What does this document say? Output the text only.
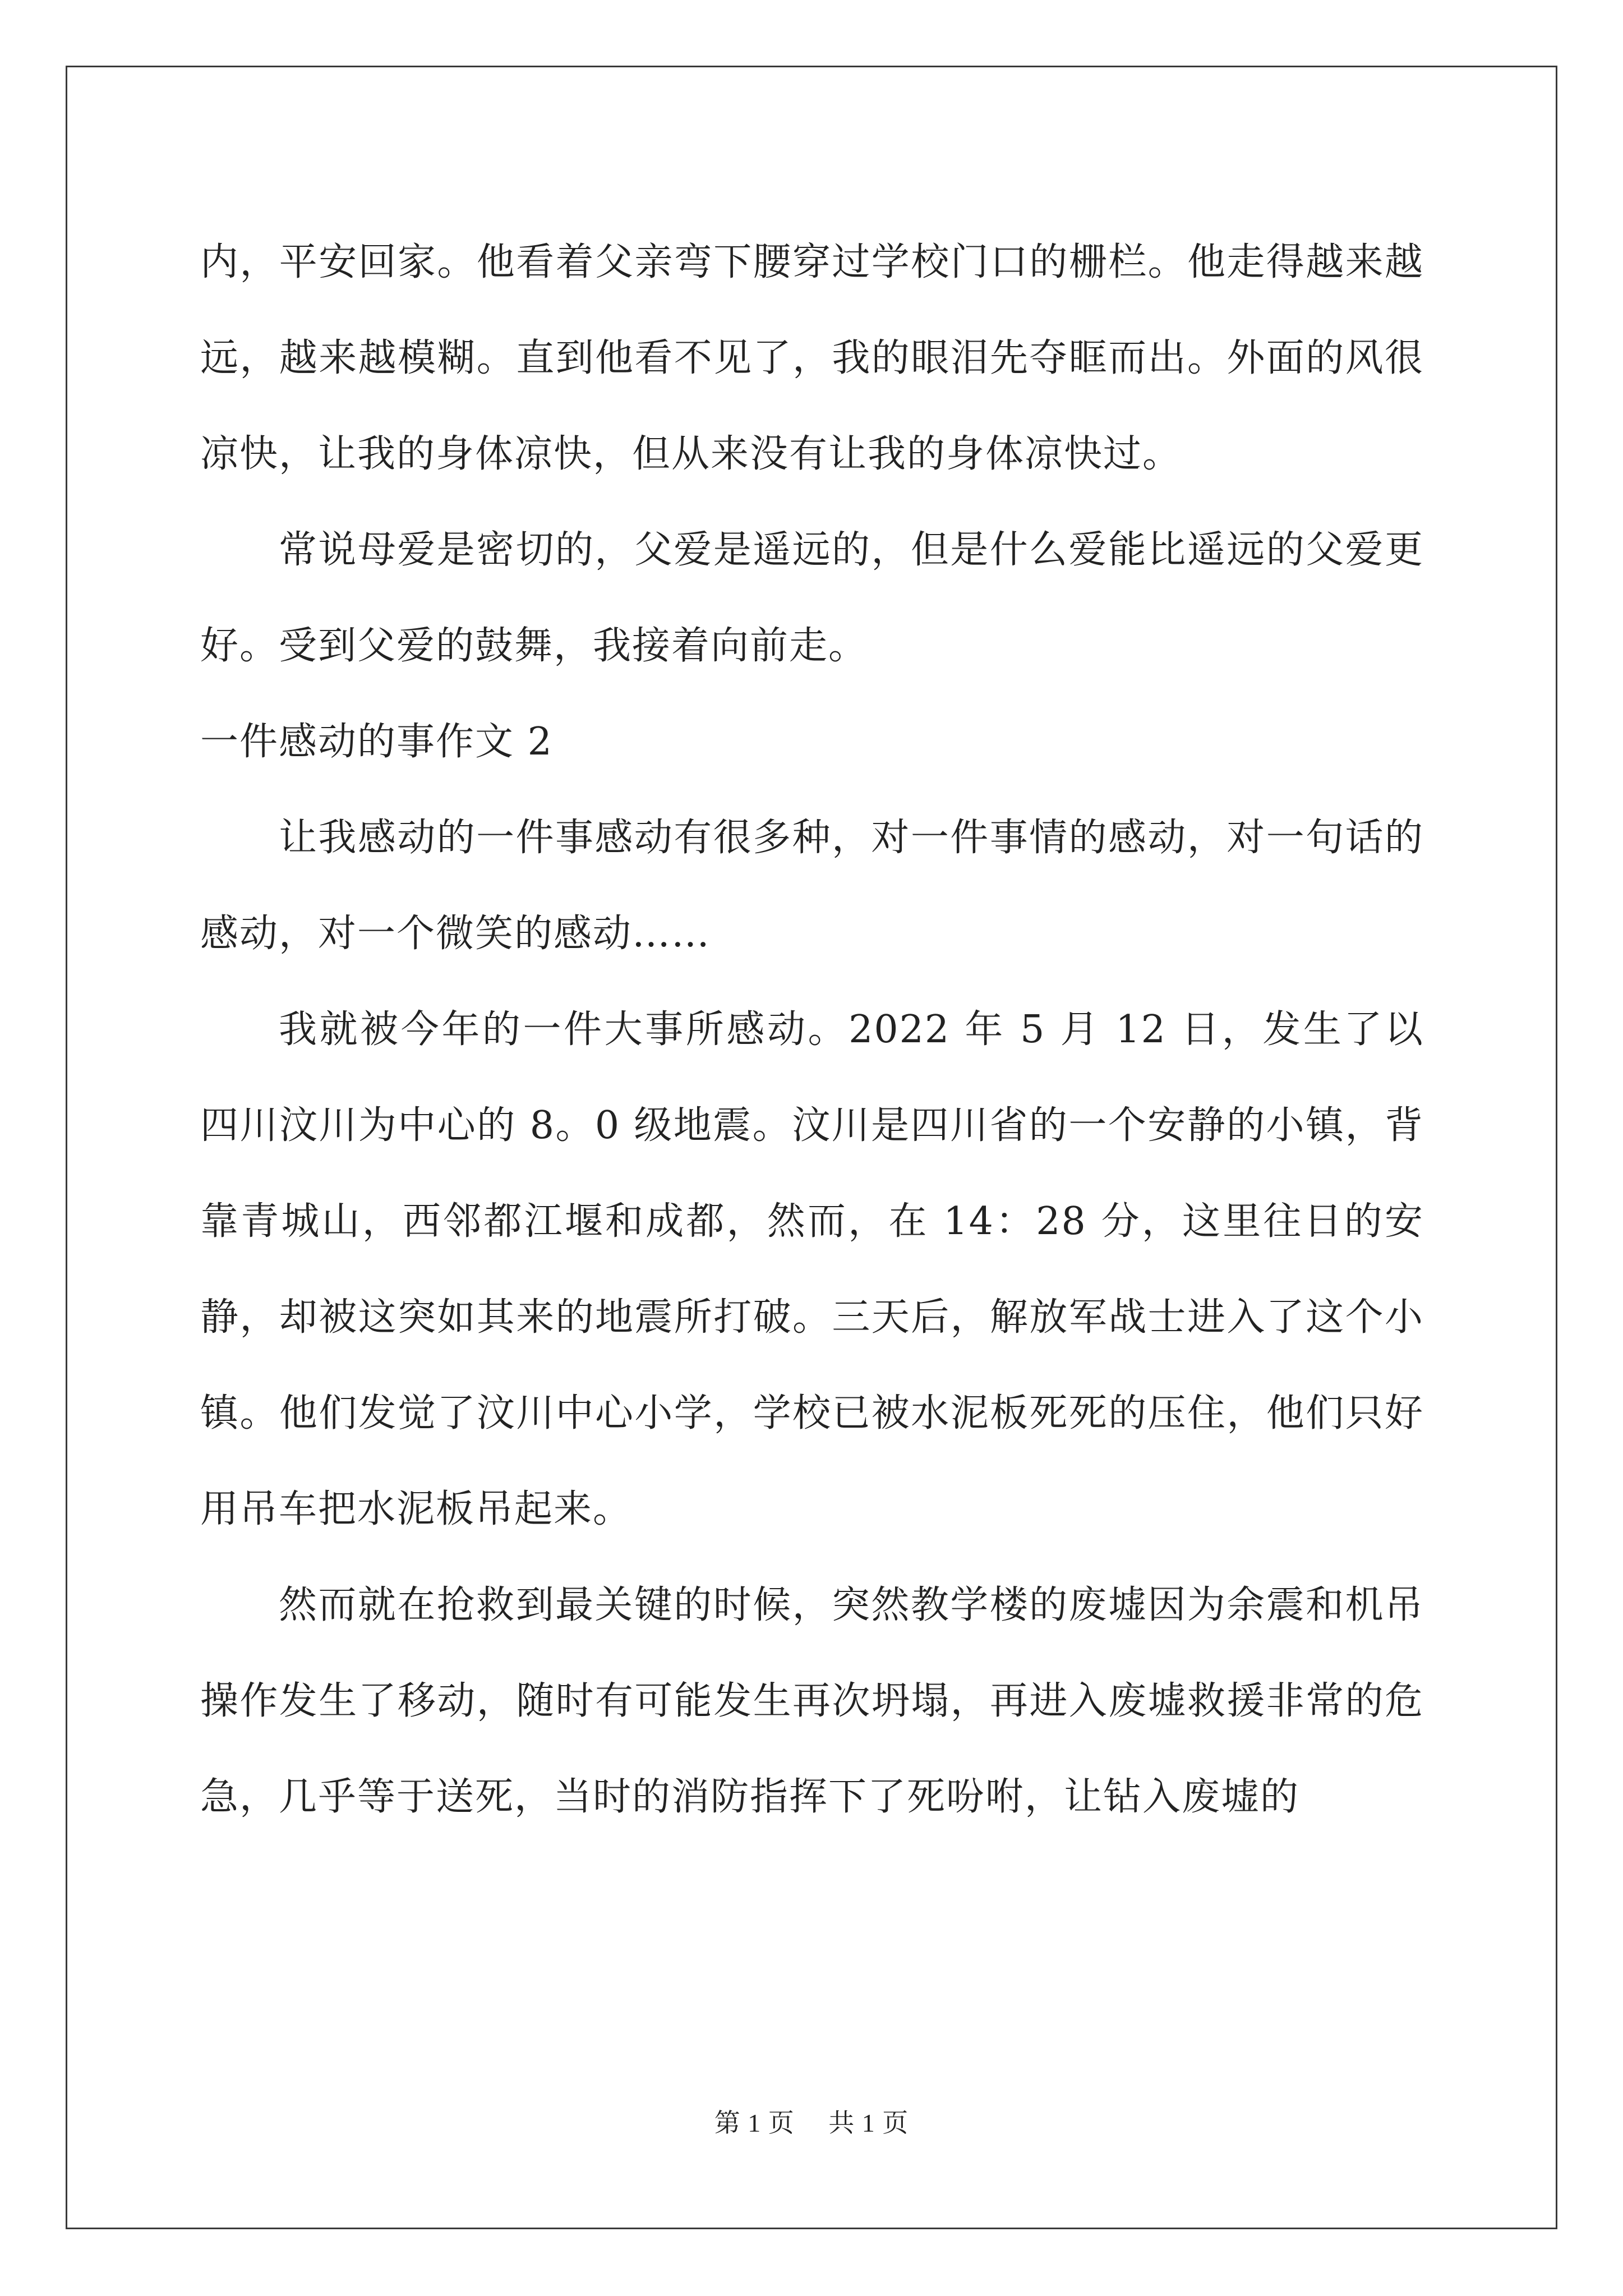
内，平安回家。他看着父亲弯下腰穿过学校门口的栅栏。他走得越来越远，越来越模糊。直到他看不见了，我的眼泪先夺眶而出。外面的风很凉快，让我的身体凉快，但从来没有让我的身体凉快过。

常说母爱是密切的，父爱是遥远的，但是什么爱能比遥远的父爱更好。受到父爱的鼓舞，我接着向前走。

一件感动的事作文 2

让我感动的一件事感动有很多种，对一件事情的感动，对一句话的感动，对一个微笑的感动……

我就被今年的一件大事所感动。2022 年 5 月 12 日，发生了以四川汶川为中心的 8。0 级地震。汶川是四川省的一个安静的小镇，背靠青城山，西邻都江堰和成都，然而，在 14：28 分，这里往日的安静，却被这突如其来的地震所打破。三天后，解放军战士进入了这个小镇。他们发觉了汶川中心小学，学校已被水泥板死死的压住，他们只好用吊车把水泥板吊起来。

然而就在抢救到最关键的时候，突然教学楼的废墟因为余震和机吊操作发生了移动，随时有可能发生再次坍塌，再进入废墟救援非常的危急，几乎等于送死，当时的消防指挥下了死吩咐，让钻入废墟的

第 1 页 共 1 页
